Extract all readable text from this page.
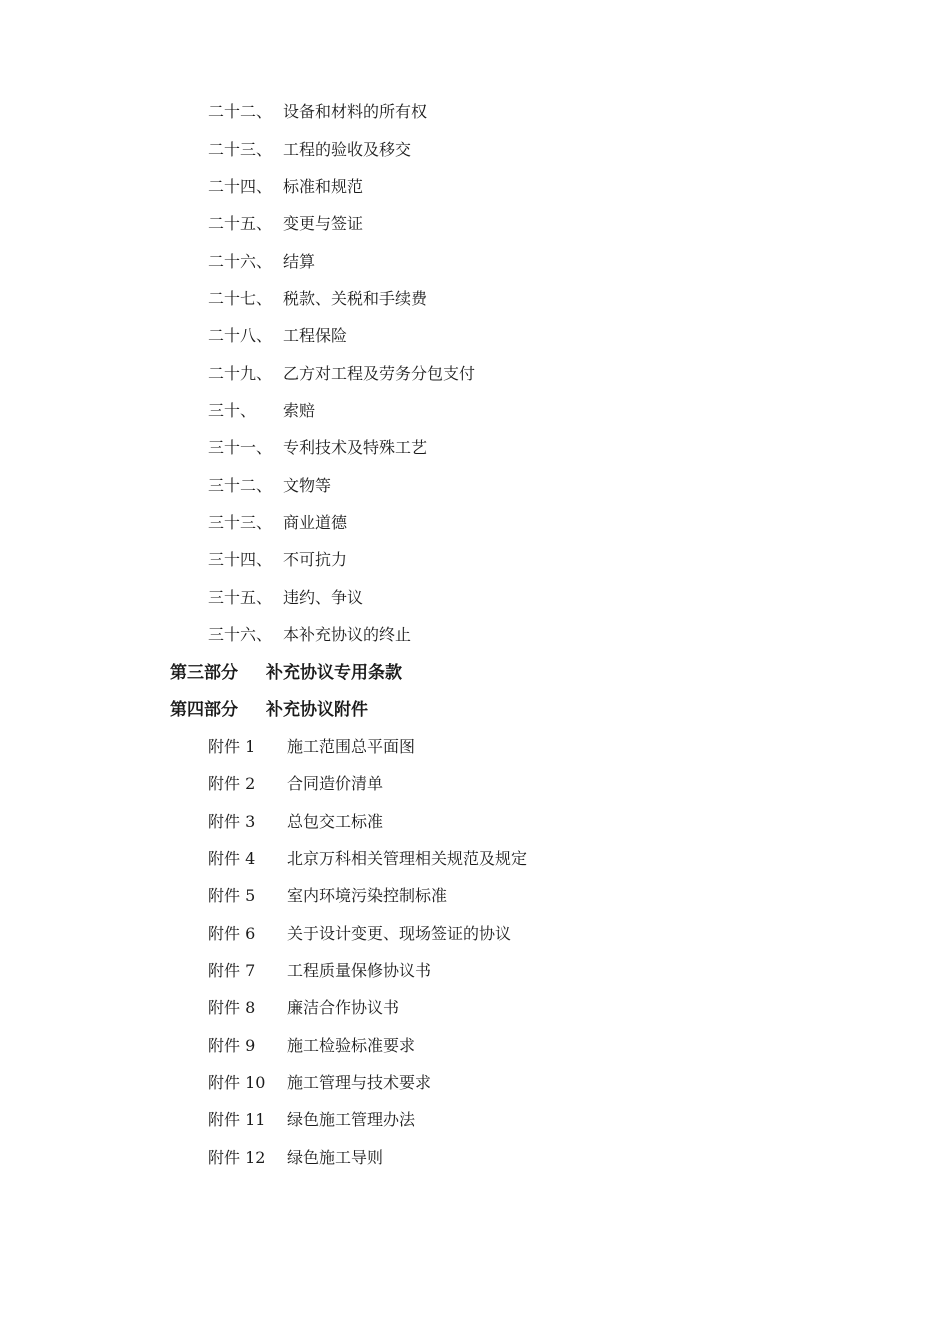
二十二、 设备和材料的所有权
二十三、 工程的验收及移交
二十四、 标准和规范
二十五、 变更与签证
二十六、 结算
二十七、 税款、关税和手续费
二十八、 工程保险
二十九、 乙方对工程及劳务分包支付
三十、 索赔
三十一、 专利技术及特殊工艺
三十二、 文物等
三十三、 商业道德
三十四、 不可抗力
三十五、 违约、争议
三十六、 本补充协议的终止
第三部分 补充协议专用条款
第四部分 补充协议附件
附件 1 施工范围总平面图
附件 2 合同造价清单
附件 3 总包交工标准
附件 4 北京万科相关管理相关规范及规定
附件 5 室内环境污染控制标准
附件 6 关于设计变更、现场签证的协议
附件 7 工程质量保修协议书
附件 8 廉洁合作协议书
附件 9 施工检验标准要求
附件 10 施工管理与技术要求
附件 11 绿色施工管理办法
附件 12 绿色施工导则
